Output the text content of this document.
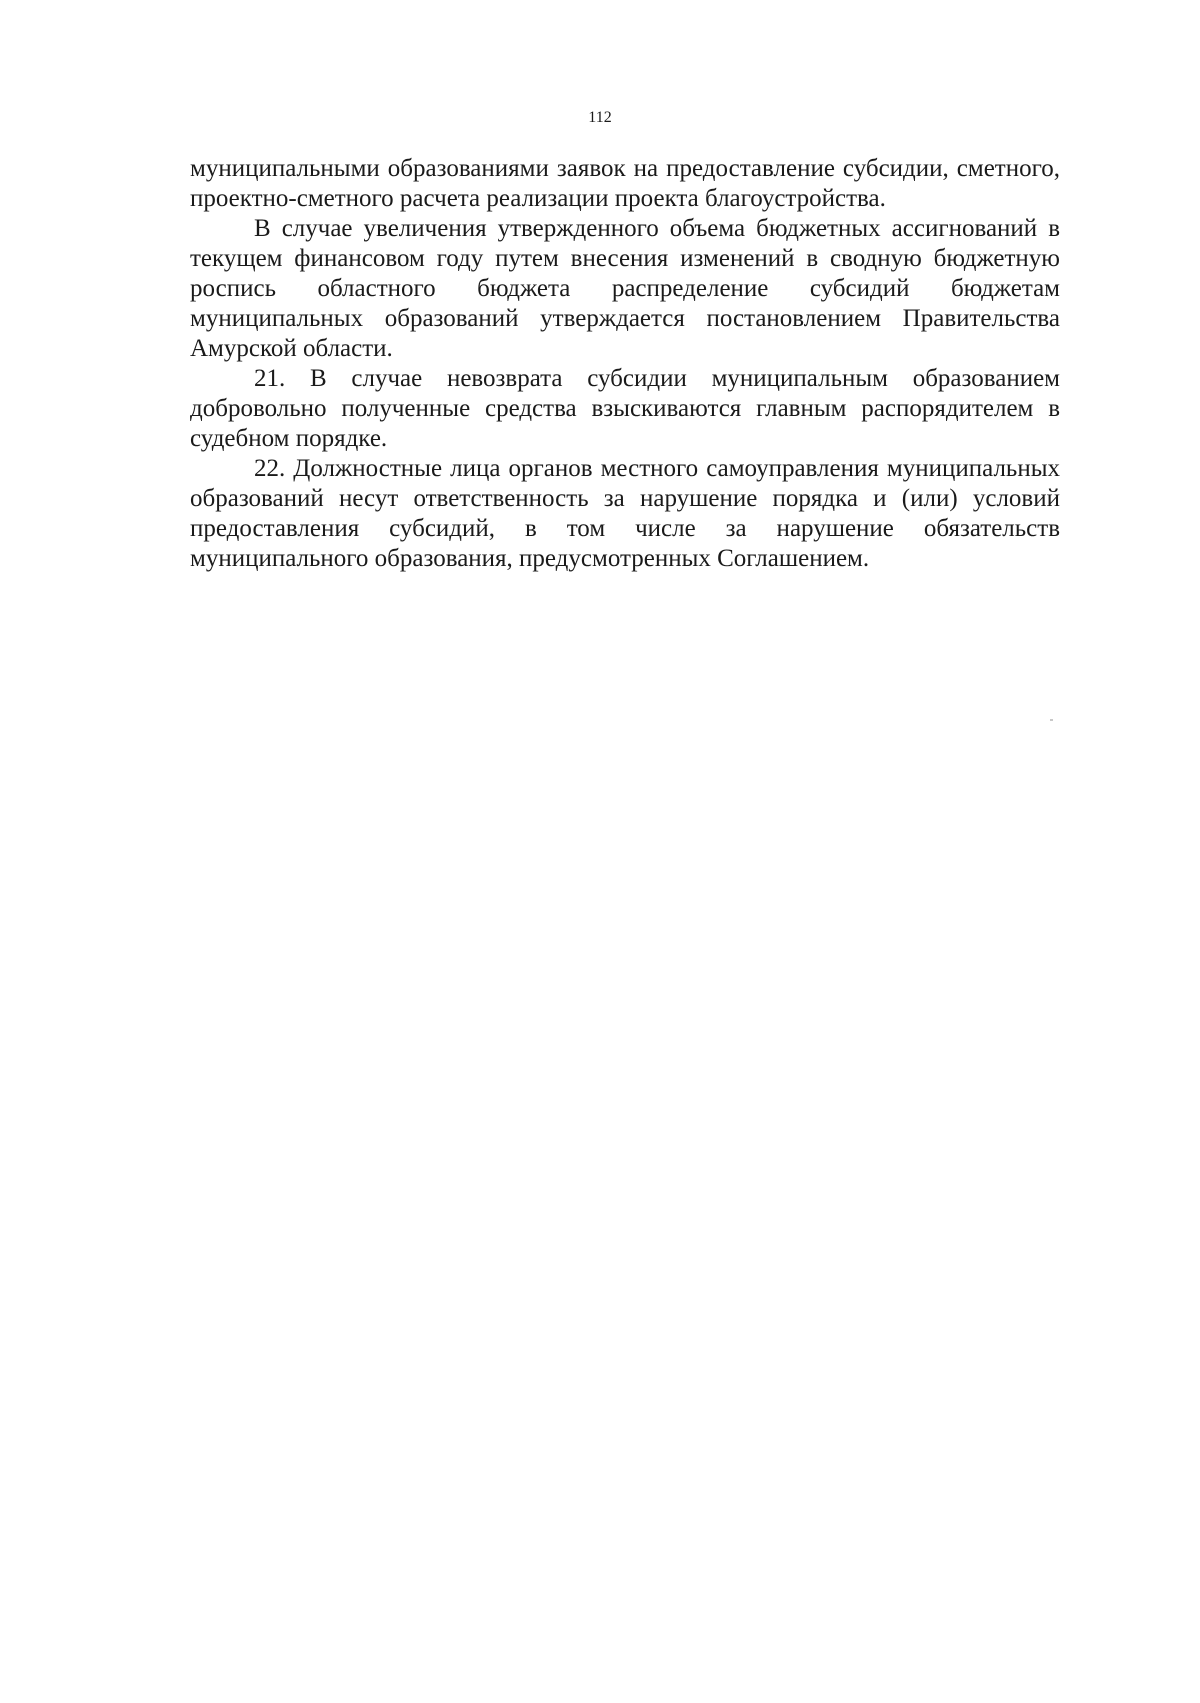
112

муниципальными образованиями заявок на предоставление субсидии, сметного, проектно-сметного расчета реализации проекта благоустройства.

В случае увеличения утвержденного объема бюджетных ассигнований в текущем финансовом году путем внесения изменений в сводную бюджетную роспись областного бюджета распределение субсидий бюджетам муниципальных образований утверждается постановлением Правительства Амурской области.

21. В случае невозврата субсидии муниципальным образованием добровольно полученные средства взыскиваются главным распорядителем в судебном порядке.

22. Должностные лица органов местного самоуправления муниципальных образований несут ответственность за нарушение порядка и (или) условий предоставления субсидий, в том числе за нарушение обязательств муниципального образования, предусмотренных Соглашением.
